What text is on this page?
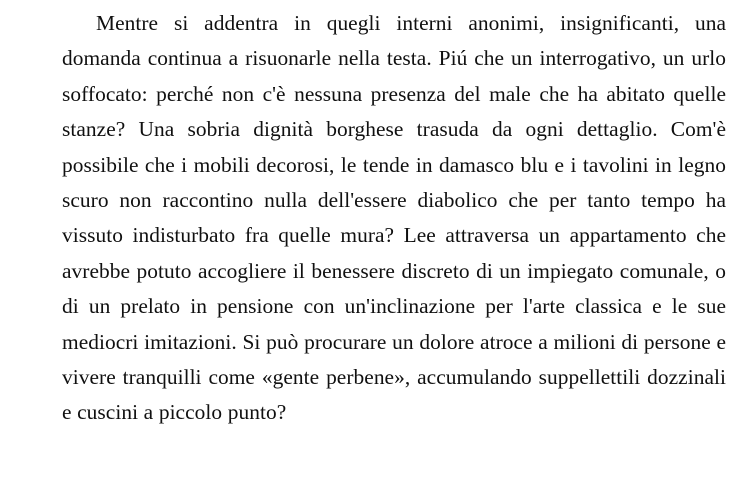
Mentre si addentra in quegli interni anonimi, insignificanti, una domanda continua a risuonarle nella testa. Piú che un interrogativo, un urlo soffocato: perché non c'è nessuna presenza del male che ha abitato quelle stanze? Una sobria dignità borghese trasuda da ogni dettaglio. Com'è possibile che i mobili decorosi, le tende in damasco blu e i tavolini in legno scuro non raccontino nulla dell'essere diabolico che per tanto tempo ha vissuto indisturbato fra quelle mura? Lee attraversa un appartamento che avrebbe potuto accogliere il benessere discreto di un impiegato comunale, o di un prelato in pensione con un'inclinazione per l'arte classica e le sue mediocri imitazioni. Si può procurare un dolore atroce a milioni di persone e vivere tranquilli come «gente perbene», accumulando suppellettili dozzinali e cuscini a piccolo punto?
